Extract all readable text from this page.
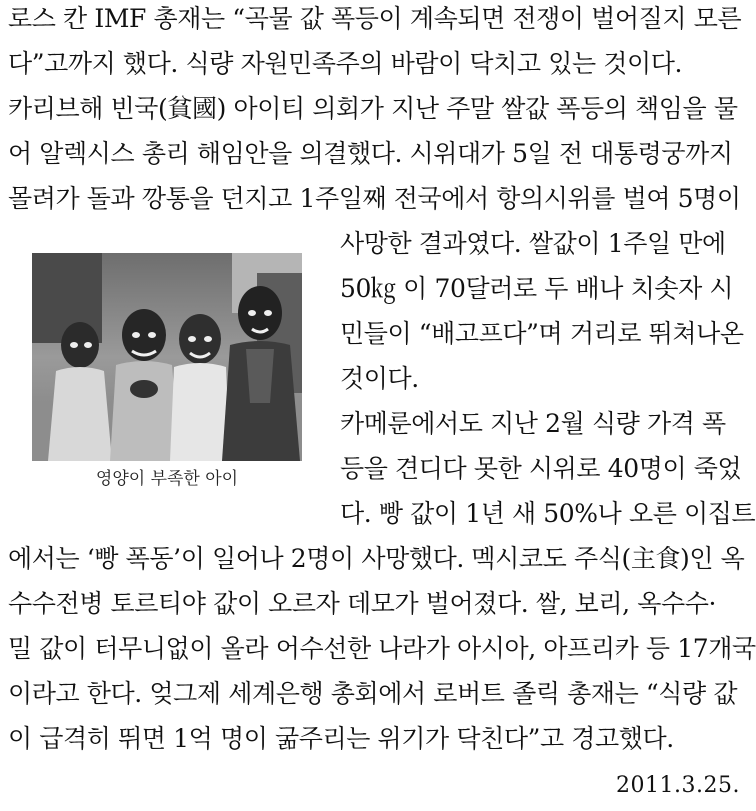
로스 칸 IMF 총재는 “곡물 값 폭등이 계속되면 전쟁이 벌어질지 모른
다”고까지 했다. 식량 자원민족주의 바람이 닥치고 있는 것이다.
카리브해 빈국(貧國) 아이티 의회가 지난 주말 쌀값 폭등의 책임을 물
어 알렉시스 총리 해임안을 의결했다. 시위대가 5일 전 대통령궁까지
몰려가 돌과 깡통을 던지고 1주일째 전국에서 항의시위를 벌여 5명이
사망한 결과였다. 쌀값이 1주일 만에
50㎏ 이 70달러로 두 배나 치솟자 시
민들이 “배고프다”며 거리로 뛰쳐나온
것이다.
카메룬에서도 지난 2월 식량 가격 폭
등을 견디다 못한 시위로 40명이 죽었
다. 빵 값이 1년 새 50%나 오른 이집트
에서는 ‘빵 폭동’이 일어나 2명이 사망했다. 멕시코도 주식(主食)인 옥
수수전병 토르티야 값이 오르자 데모가 벌어졌다. 쌀, 보리, 옥수수·
밀 값이 터무니없이 올라 어수선한 나라가 아시아, 아프리카 등 17개국
이라고 한다. 엊그제 세계은행 총회에서 로버트 졸릭 총재는 “식량 값
이 급격히 뛰면 1억 명이 굶주리는 위기가 닥친다”고 경고했다.
영양이 부족한 아이
2011.3.25.
